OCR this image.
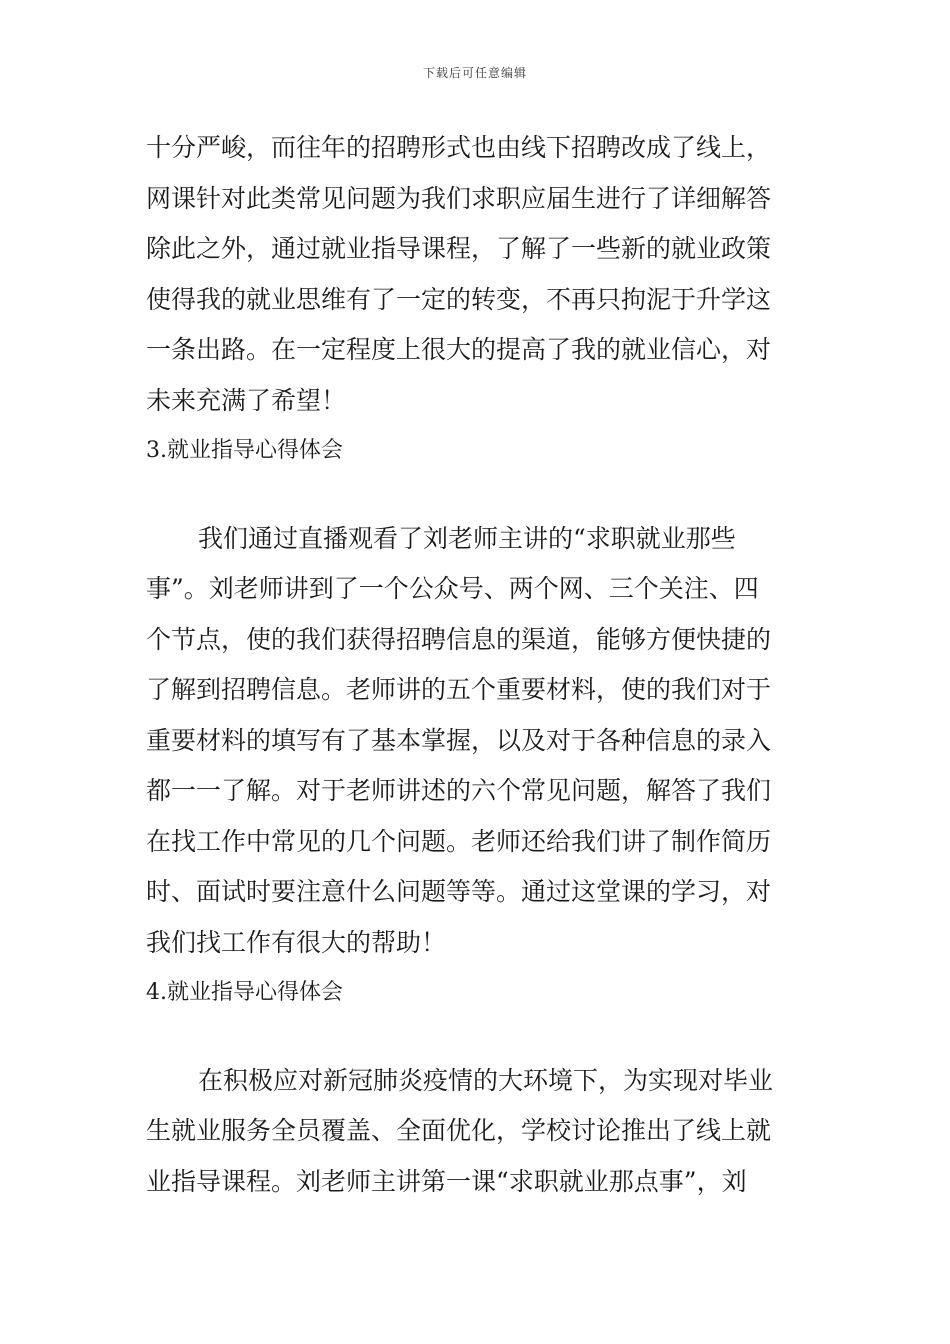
下载后可任意编辑
十分严峻，而往年的招聘形式也由线下招聘改成了线上，
网课针对此类常见问题为我们求职应届生进行了详细解答
除此之外，通过就业指导课程，了解了一些新的就业政策
使得我的就业思维有了一定的转变，不再只拘泥于升学这
一条出路。在一定程度上很大的提高了我的就业信心，对
未来充满了希望！
3.就业指导心得体会
我们通过直播观看了刘老师主讲的“求职就业那些
事”。刘老师讲到了一个公众号、两个网、三个关注、四
个节点，使的我们获得招聘信息的渠道，能够方便快捷的
了解到招聘信息。老师讲的五个重要材料，使的我们对于
重要材料的填写有了基本掌握，以及对于各种信息的录入
都一一了解。对于老师讲述的六个常见问题，解答了我们
在找工作中常见的几个问题。老师还给我们讲了制作简历
时、面试时要注意什么问题等等。通过这堂课的学习，对
我们找工作有很大的帮助！
4.就业指导心得体会
在积极应对新冠肺炎疫情的大环境下，为实现对毕业
生就业服务全员覆盖、全面优化，学校讨论推出了线上就
业指导课程。刘老师主讲第一课“求职就业那点事”，刘
